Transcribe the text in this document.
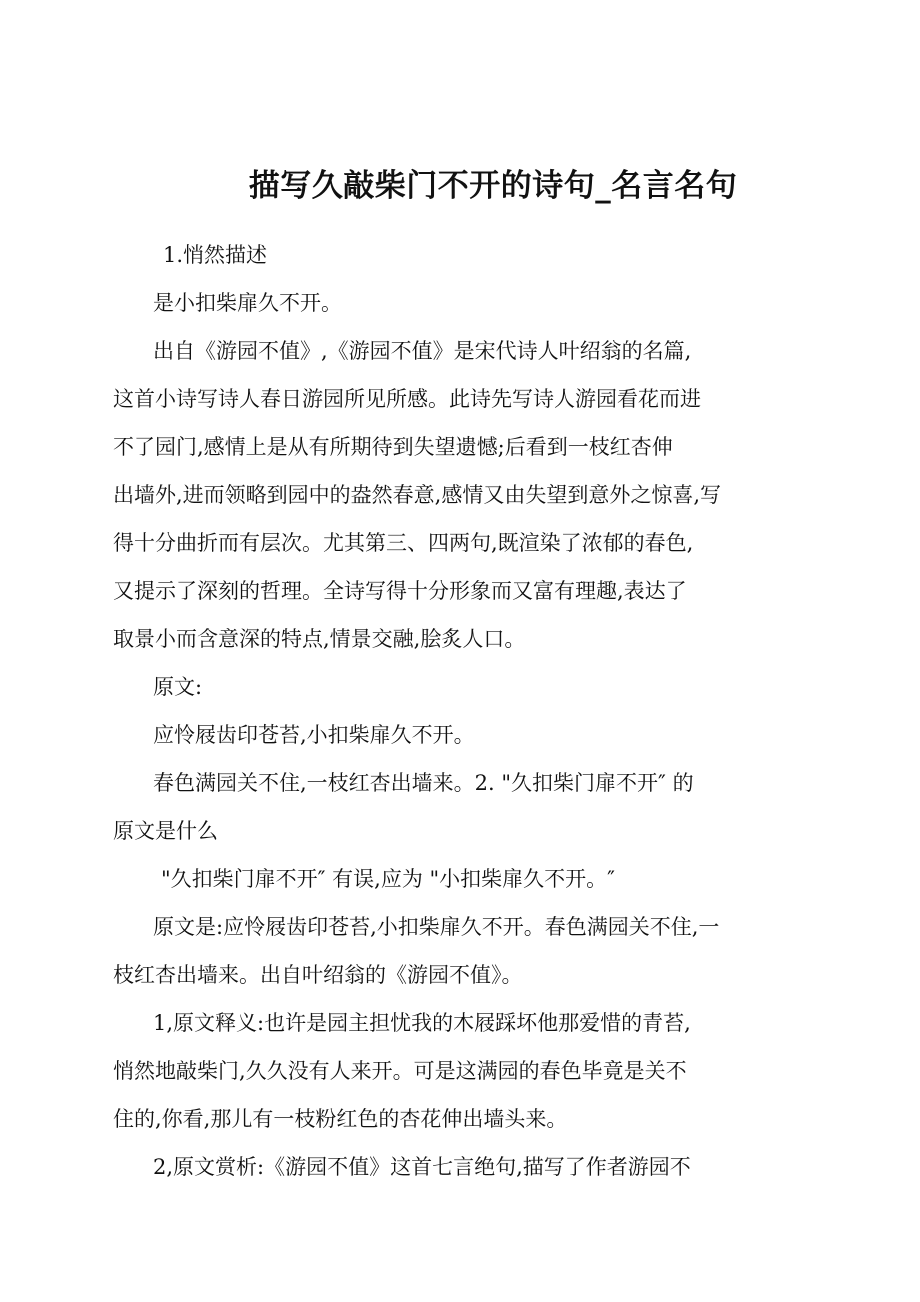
描写久敲柴门不开的诗句_名言名句
1.悄然描述
是小扣柴扉久不开。
出自《游园不值》,《游园不值》是宋代诗人叶绍翁的名篇,
这首小诗写诗人春日游园所见所感。此诗先写诗人游园看花而进
不了园门,感情上是从有所期待到失望遗憾;后看到一枝红杏伸
出墙外,进而领略到园中的盎然春意,感情又由失望到意外之惊喜,写
得十分曲折而有层次。尤其第三、四两句,既渲染了浓郁的春色,
又提示了深刻的哲理。全诗写得十分形象而又富有理趣,表达了
取景小而含意深的特点,情景交融,脍炙人口。
原文:
应怜屐齿印苍苔,小扣柴扉久不开。
春色满园关不住,一枝红杏出墙来。2. "久扣柴门扉不开″ 的
原文是什么
"久扣柴门扉不开″ 有误,应为 "小扣柴扉久不开。″
原文是:应怜屐齿印苍苔,小扣柴扉久不开。春色满园关不住,一
枝红杏出墙来。出自叶绍翁的《游园不值》。
1,原文释义:也许是园主担忧我的木屐踩坏他那爱惜的青苔,
悄然地敲柴门,久久没有人来开。可是这满园的春色毕竟是关不
住的,你看,那儿有一枝粉红色的杏花伸出墙头来。
2,原文赏析:《游园不值》这首七言绝句,描写了作者游园不
